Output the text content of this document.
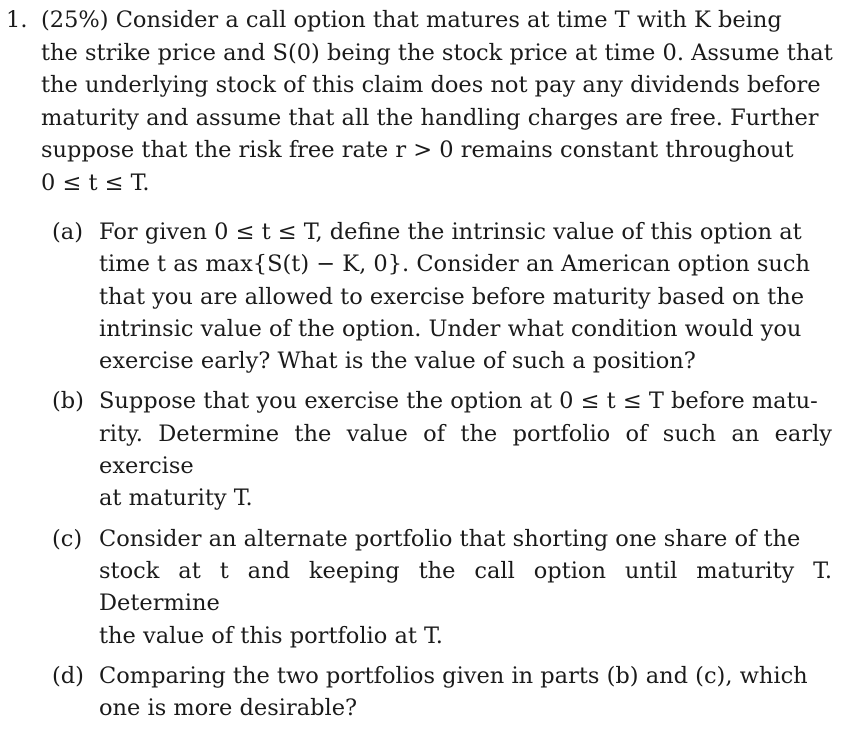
1. (25%) Consider a call option that matures at time T with K being
the strike price and S(0) being the stock price at time 0. Assume that
the underlying stock of this claim does not pay any dividends before
maturity and assume that all the handling charges are free. Further
suppose that the risk free rate r > 0 remains constant throughout
0 ≤ t ≤ T.
(a) For given 0 ≤ t ≤ T, define the intrinsic value of this option at
time t as max{S(t) − K, 0}. Consider an American option such
that you are allowed to exercise before maturity based on the
intrinsic value of the option. Under what condition would you
exercise early? What is the value of such a position?
(b) Suppose that you exercise the option at 0 ≤ t ≤ T before matu-
rity. Determine the value of the portfolio of such an early exercise
at maturity T.
(c) Consider an alternate portfolio that shorting one share of the
stock at t and keeping the call option until maturity T. Determine
the value of this portfolio at T.
(d) Comparing the two portfolios given in parts (b) and (c), which
one is more desirable?
